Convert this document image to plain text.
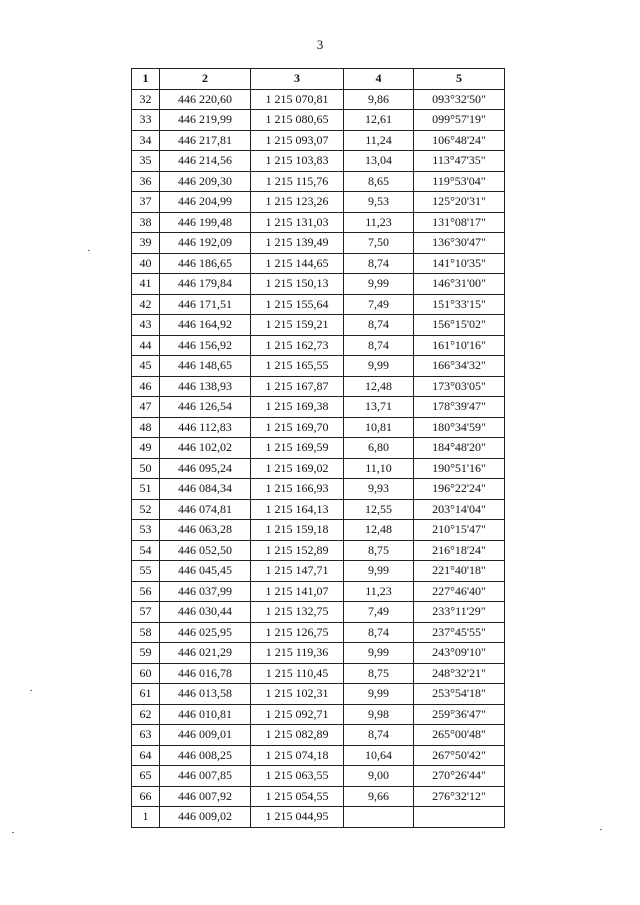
3
1	2	3	4	5
32	446 220,60	1 215 070,81	9,86	093°32'50"
33	446 219,99	1 215 080,65	12,61	099°57'19"
34	446 217,81	1 215 093,07	11,24	106°48'24"
35	446 214,56	1 215 103,83	13,04	113°47'35"
36	446 209,30	1 215 115,76	8,65	119°53'04"
37	446 204,99	1 215 123,26	9,53	125°20'31"
38	446 199,48	1 215 131,03	11,23	131°08'17"
39	446 192,09	1 215 139,49	7,50	136°30'47"
40	446 186,65	1 215 144,65	8,74	141°10'35"
41	446 179,84	1 215 150,13	9,99	146°31'00"
42	446 171,51	1 215 155,64	7,49	151°33'15"
43	446 164,92	1 215 159,21	8,74	156°15'02"
44	446 156,92	1 215 162,73	8,74	161°10'16"
45	446 148,65	1 215 165,55	9,99	166°34'32"
46	446 138,93	1 215 167,87	12,48	173°03'05"
47	446 126,54	1 215 169,38	13,71	178°39'47"
48	446 112,83	1 215 169,70	10,81	180°34'59"
49	446 102,02	1 215 169,59	6,80	184°48'20"
50	446 095,24	1 215 169,02	11,10	190°51'16"
51	446 084,34	1 215 166,93	9,93	196°22'24"
52	446 074,81	1 215 164,13	12,55	203°14'04"
53	446 063,28	1 215 159,18	12,48	210°15'47"
54	446 052,50	1 215 152,89	8,75	216°18'24"
55	446 045,45	1 215 147,71	9,99	221°40'18"
56	446 037,99	1 215 141,07	11,23	227°46'40"
57	446 030,44	1 215 132,75	7,49	233°11'29"
58	446 025,95	1 215 126,75	8,74	237°45'55"
59	446 021,29	1 215 119,36	9,99	243°09'10"
60	446 016,78	1 215 110,45	8,75	248°32'21"
61	446 013,58	1 215 102,31	9,99	253°54'18"
62	446 010,81	1 215 092,71	9,98	259°36'47"
63	446 009,01	1 215 082,89	8,74	265°00'48"
64	446 008,25	1 215 074,18	10,64	267°50'42"
65	446 007,85	1 215 063,55	9,00	270°26'44"
66	446 007,92	1 215 054,55	9,66	276°32'12"
1	446 009,02	1 215 044,95		
